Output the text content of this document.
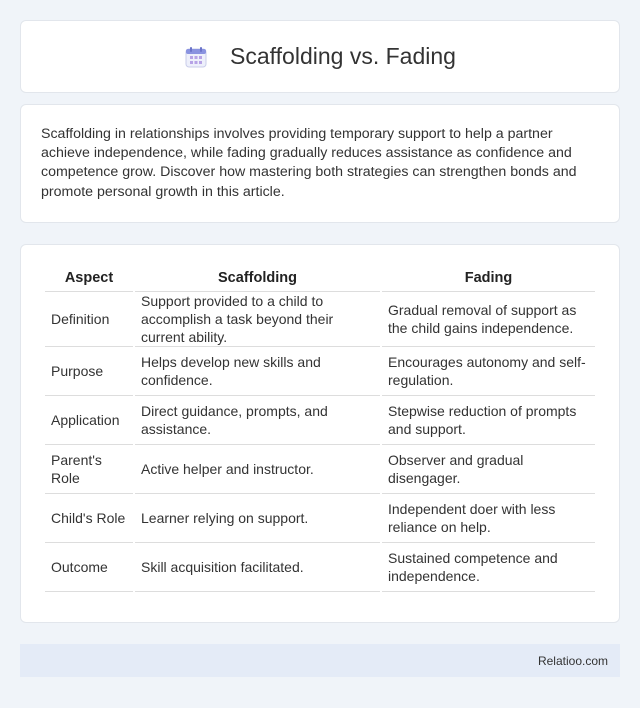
Scaffolding vs. Fading

Scaffolding in relationships involves providing temporary support to help a partner achieve independence, while fading gradually reduces assistance as confidence and competence grow. Discover how mastering both strategies can strengthen bonds and promote personal growth in this article.

Aspect	Scaffolding	Fading
Definition	Support provided to a child to accomplish a task beyond their current ability.	Gradual removal of support as the child gains independence.
Purpose	Helps develop new skills and confidence.	Encourages autonomy and self-regulation.
Application	Direct guidance, prompts, and assistance.	Stepwise reduction of prompts and support.
Parent's Role	Active helper and instructor.	Observer and gradual disengager.
Child's Role	Learner relying on support.	Independent doer with less reliance on help.
Outcome	Skill acquisition facilitated.	Sustained competence and independence.
Relatioo.com
